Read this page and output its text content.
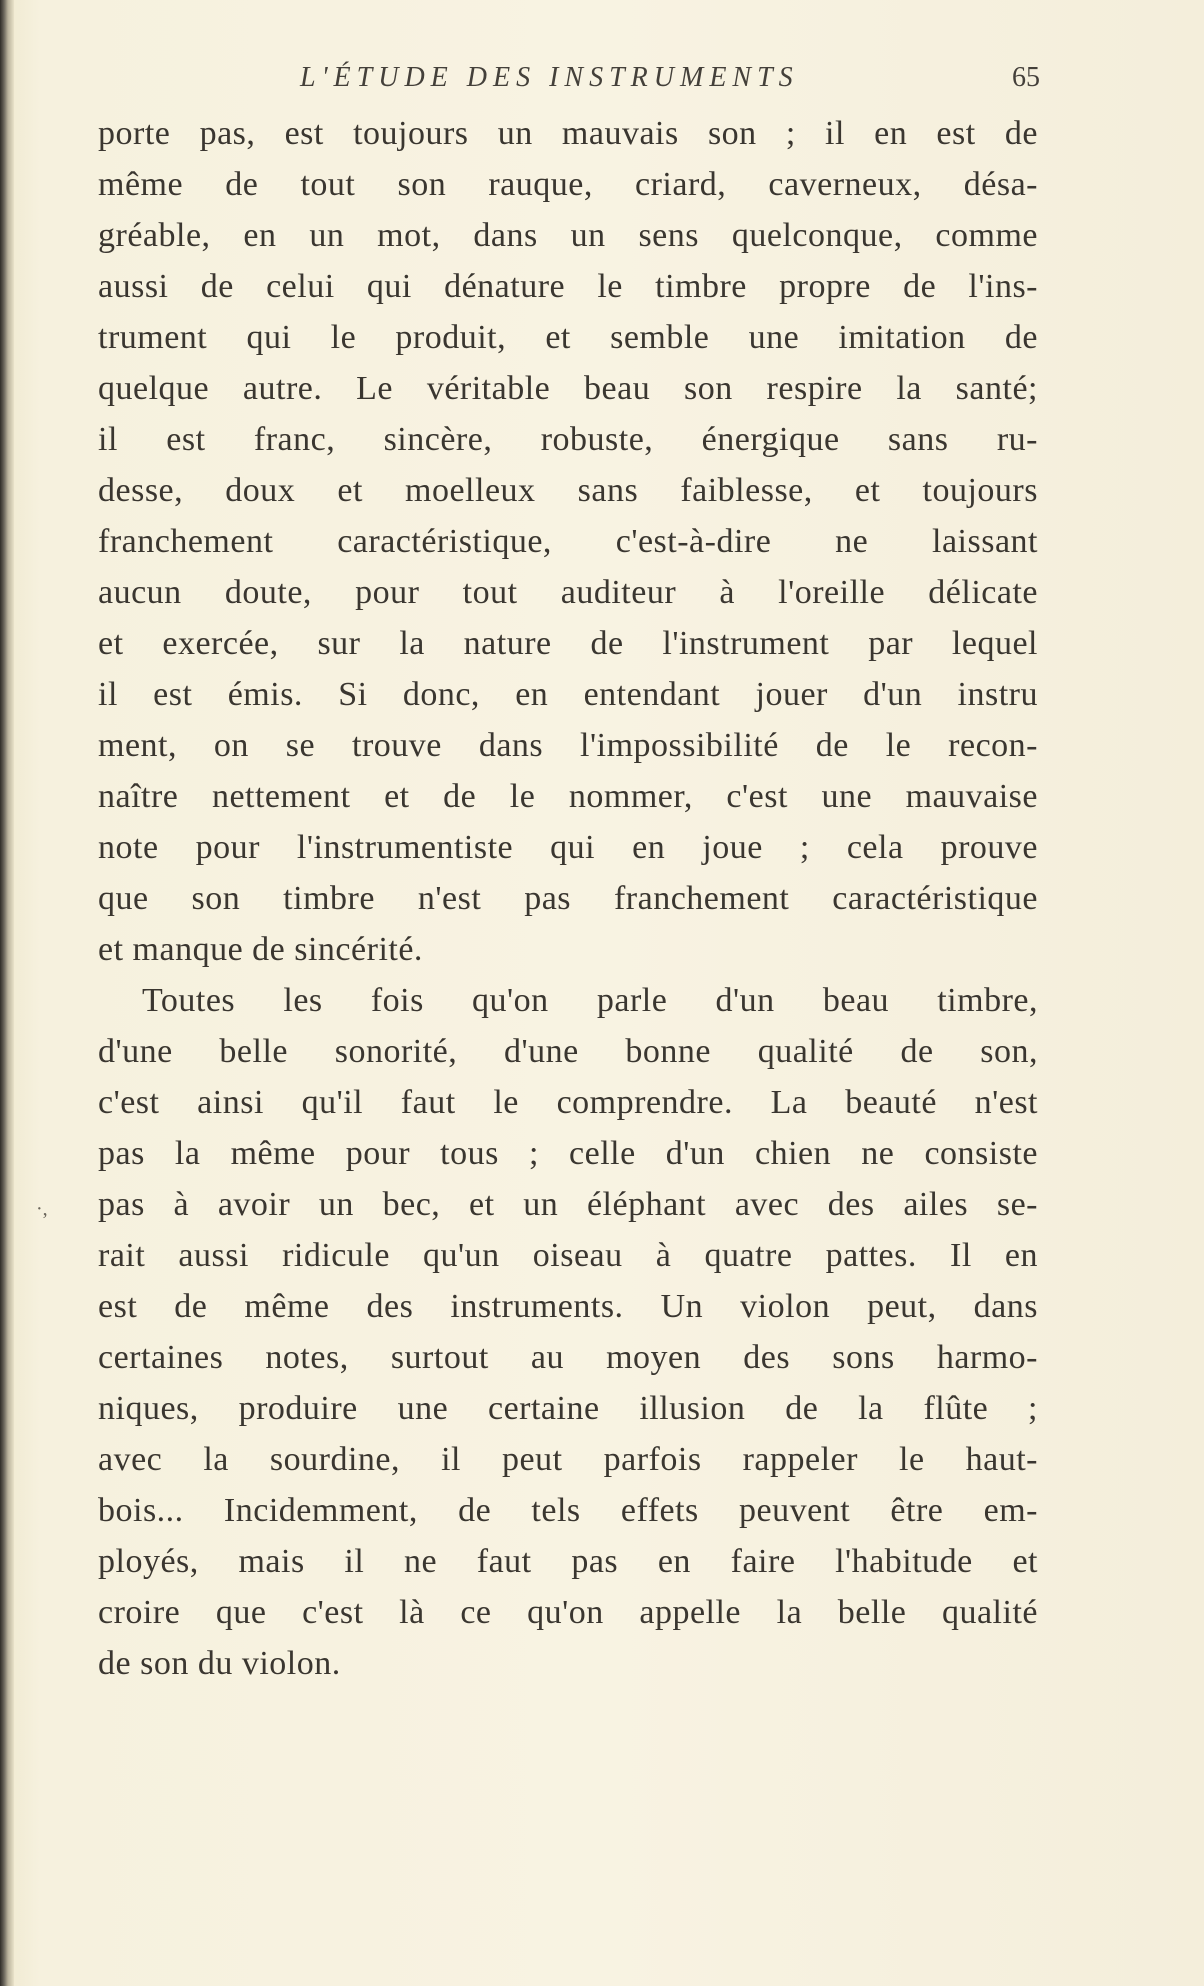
L'ÉTUDE DES INSTRUMENTS	65
·,
porte pas, est toujours un mauvais son ; il en est de
même de tout son rauque, criard, caverneux, désa-
gréable, en un mot, dans un sens quelconque, comme
aussi de celui qui dénature le timbre propre de l'ins-
trument qui le produit, et semble une imitation de
quelque autre. Le véritable beau son respire la santé;
il est franc, sincère, robuste, énergique sans ru-
desse, doux et moelleux sans faiblesse, et toujours
franchement caractéristique, c'est-à-dire ne laissant
aucun doute, pour tout auditeur à l'oreille délicate
et exercée, sur la nature de l'instrument par lequel
il est émis. Si donc, en entendant jouer d'un instru
ment, on se trouve dans l'impossibilité de le recon-
naître nettement et de le nommer, c'est une mauvaise
note pour l'instrumentiste qui en joue ; cela prouve
que son timbre n'est pas franchement caractéristique
et manque de sincérité.
Toutes les fois qu'on parle d'un beau timbre,
d'une belle sonorité, d'une bonne qualité de son,
c'est ainsi qu'il faut le comprendre. La beauté n'est
pas la même pour tous ; celle d'un chien ne consiste
pas à avoir un bec, et un éléphant avec des ailes se-
rait aussi ridicule qu'un oiseau à quatre pattes. Il en
est de même des instruments. Un violon peut, dans
certaines notes, surtout au moyen des sons harmo-
niques, produire une certaine illusion de la flûte ;
avec la sourdine, il peut parfois rappeler le haut-
bois... Incidemment, de tels effets peuvent être em-
ployés, mais il ne faut pas en faire l'habitude et
croire que c'est là ce qu'on appelle la belle qualité
de son du violon.
